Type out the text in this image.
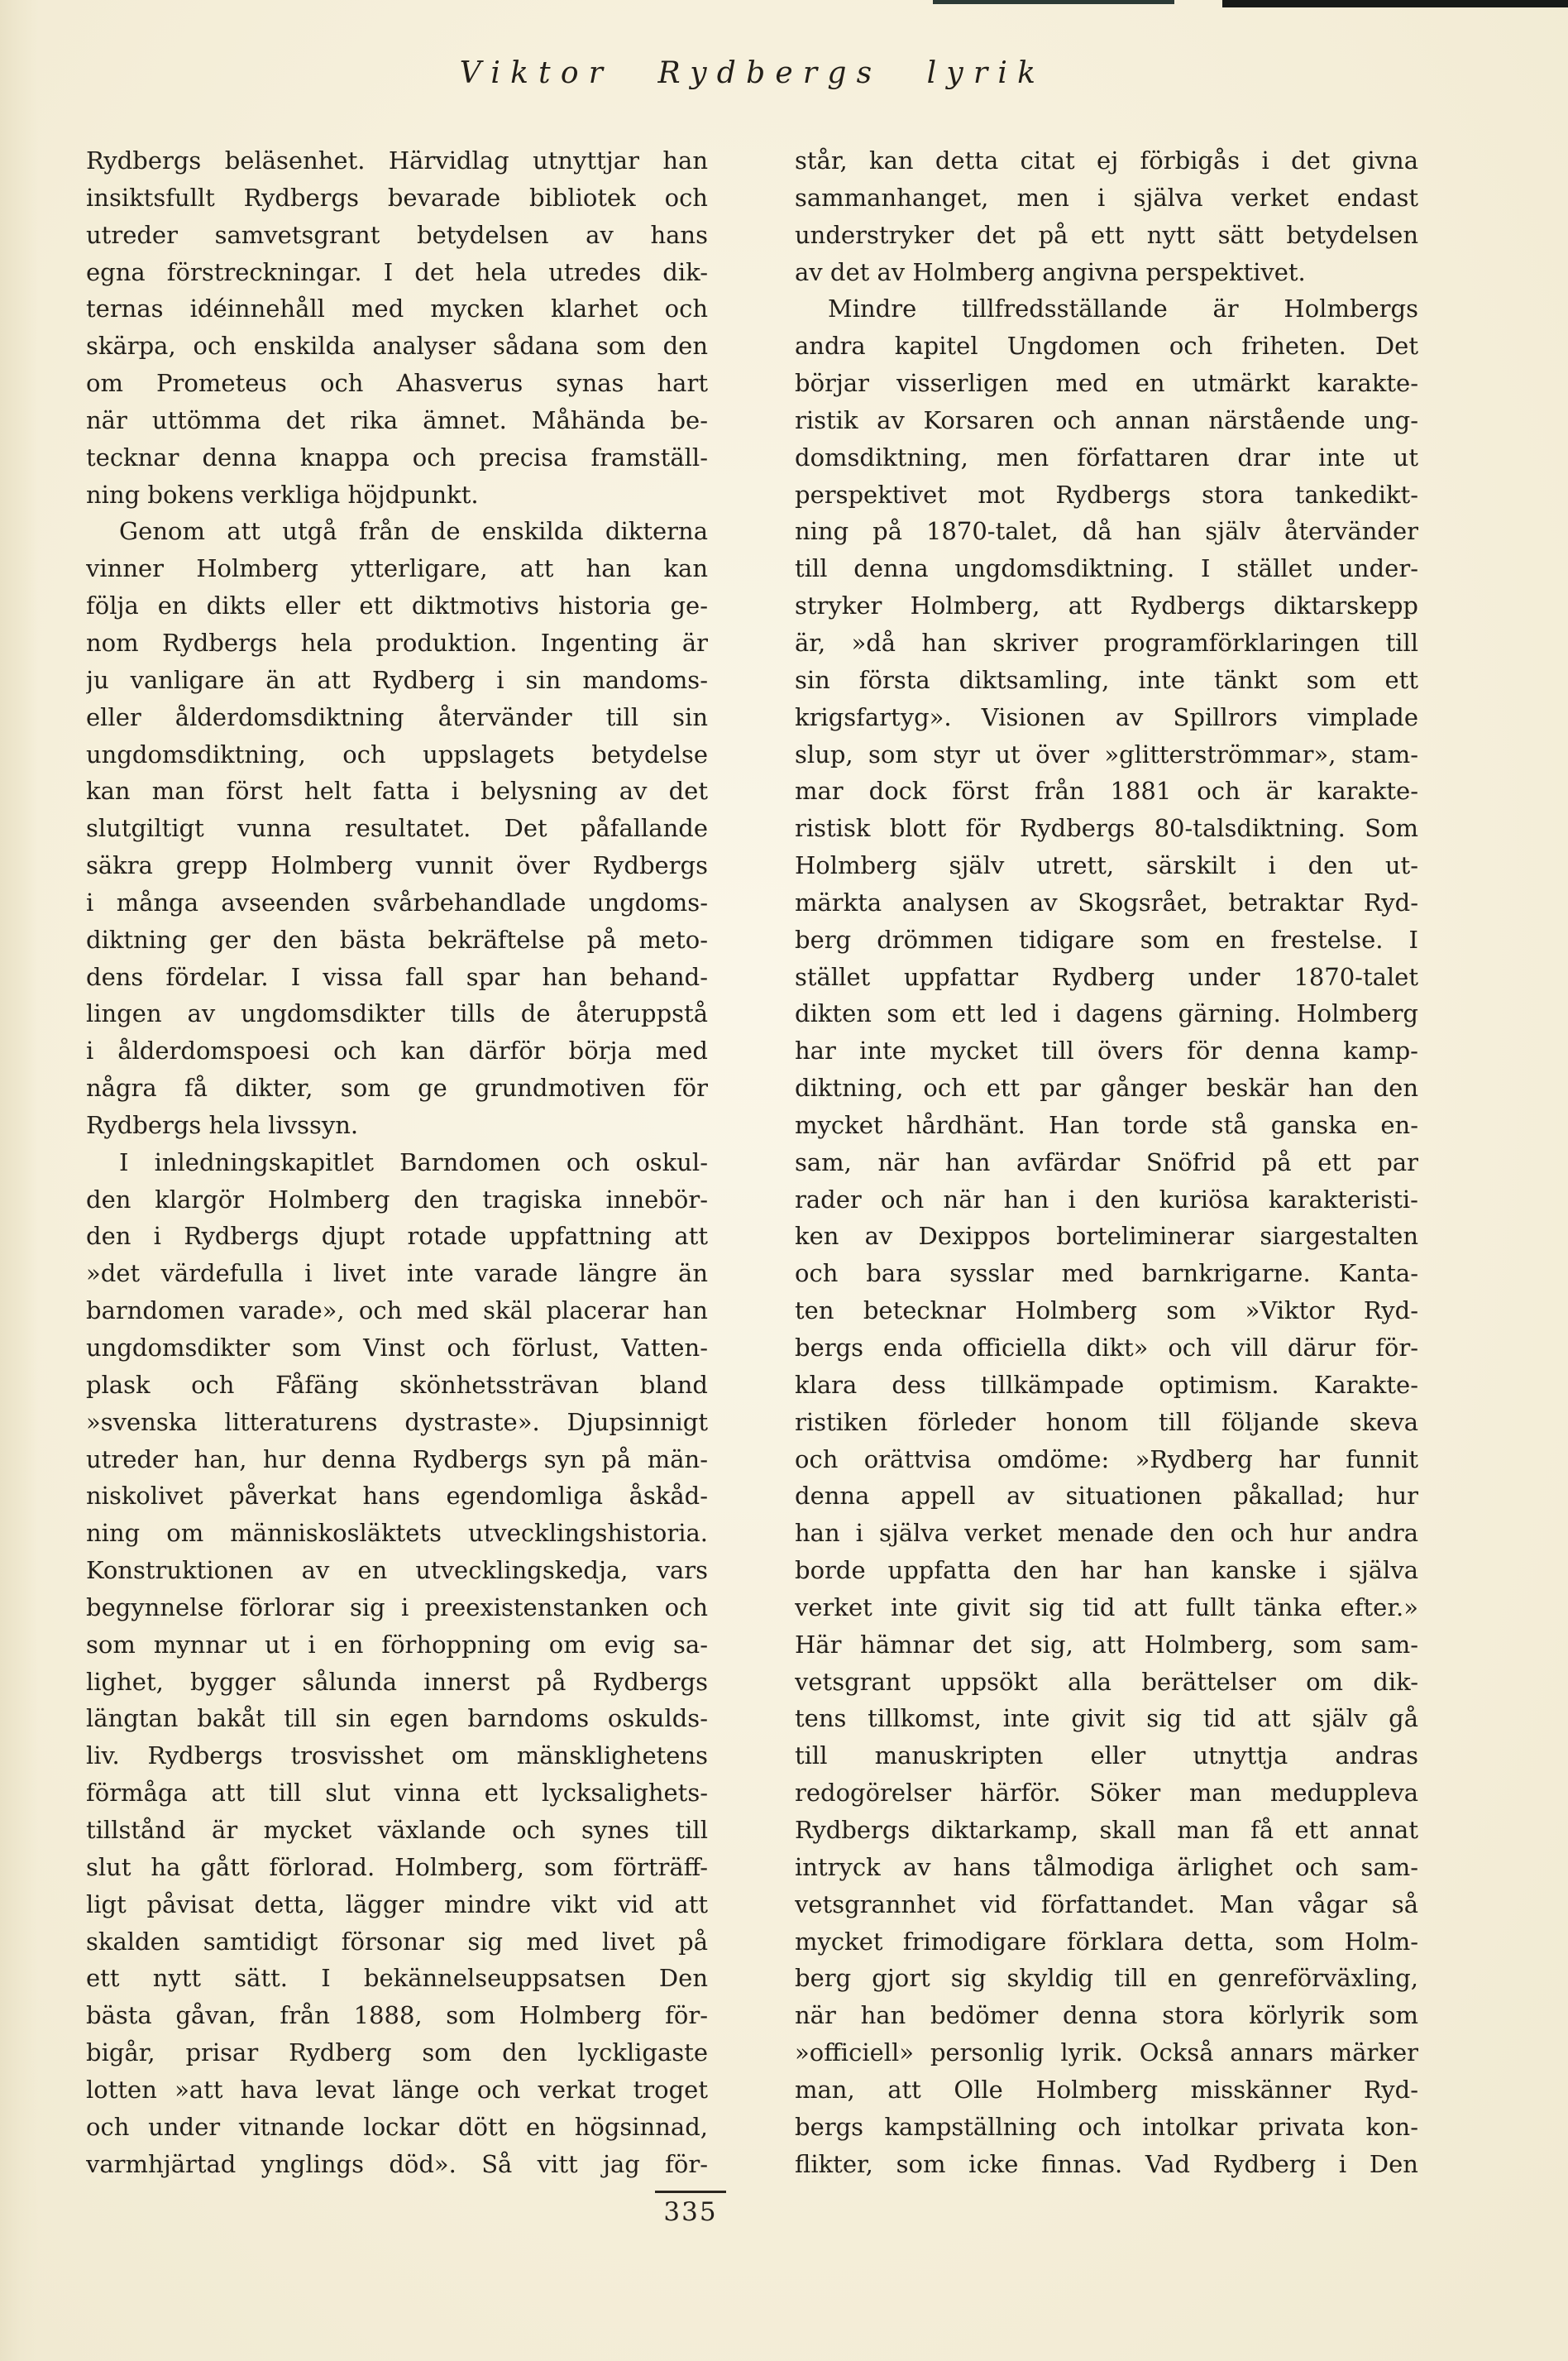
Viktor Rydbergs lyrik
Rydbergs beläsenhet. Härvidlag utnyttjar han
insiktsfullt Rydbergs bevarade bibliotek och
utreder samvetsgrant betydelsen av hans
egna förstreckningar. I det hela utredes dik-
ternas idéinnehåll med mycken klarhet och
skärpa, och enskilda analyser sådana som den
om Prometeus och Ahasverus synas hart
när uttömma det rika ämnet. Måhända be-
tecknar denna knappa och precisa framställ-
ning bokens verkliga höjdpunkt.
Genom att utgå från de enskilda dikterna
vinner Holmberg ytterligare, att han kan
följa en dikts eller ett diktmotivs historia ge-
nom Rydbergs hela produktion. Ingenting är
ju vanligare än att Rydberg i sin mandoms-
eller ålderdomsdiktning återvänder till sin
ungdomsdiktning, och uppslagets betydelse
kan man först helt fatta i belysning av det
slutgiltigt vunna resultatet. Det påfallande
säkra grepp Holmberg vunnit över Rydbergs
i många avseenden svårbehandlade ungdoms-
diktning ger den bästa bekräftelse på meto-
dens fördelar. I vissa fall spar han behand-
lingen av ungdomsdikter tills de återuppstå
i ålderdomspoesi och kan därför börja med
några få dikter, som ge grundmotiven för
Rydbergs hela livssyn.
I inledningskapitlet Barndomen och oskul-
den klargör Holmberg den tragiska innebör-
den i Rydbergs djupt rotade uppfattning att
»det värdefulla i livet inte varade längre än
barndomen varade», och med skäl placerar han
ungdomsdikter som Vinst och förlust, Vatten-
plask och Fåfäng skönhetssträvan bland
»svenska litteraturens dystraste». Djupsinnigt
utreder han, hur denna Rydbergs syn på män-
niskolivet påverkat hans egendomliga åskåd-
ning om människosläktets utvecklingshistoria.
Konstruktionen av en utvecklingskedja, vars
begynnelse förlorar sig i preexistenstanken och
som mynnar ut i en förhoppning om evig sa-
lighet, bygger sålunda innerst på Rydbergs
längtan bakåt till sin egen barndoms oskulds-
liv. Rydbergs trosvisshet om mänsklighetens
förmåga att till slut vinna ett lycksalighets-
tillstånd är mycket växlande och synes till
slut ha gått förlorad. Holmberg, som förträff-
ligt påvisat detta, lägger mindre vikt vid att
skalden samtidigt försonar sig med livet på
ett nytt sätt. I bekännelseuppsatsen Den
bästa gåvan, från 1888, som Holmberg för-
bigår, prisar Rydberg som den lyckligaste
lotten »att hava levat länge och verkat troget
och under vitnande lockar dött en högsinnad,
varmhjärtad ynglings död». Så vitt jag för-
står, kan detta citat ej förbigås i det givna
sammanhanget, men i själva verket endast
understryker det på ett nytt sätt betydelsen
av det av Holmberg angivna perspektivet.
Mindre tillfredsställande är Holmbergs
andra kapitel Ungdomen och friheten. Det
börjar visserligen med en utmärkt karakte-
ristik av Korsaren och annan närstående ung-
domsdiktning, men författaren drar inte ut
perspektivet mot Rydbergs stora tankedikt-
ning på 1870-talet, då han själv återvänder
till denna ungdomsdiktning. I stället under-
stryker Holmberg, att Rydbergs diktarskepp
är, »då han skriver programförklaringen till
sin första diktsamling, inte tänkt som ett
krigsfartyg». Visionen av Spillrors vimplade
slup, som styr ut över »glitterströmmar», stam-
mar dock först från 1881 och är karakte-
ristisk blott för Rydbergs 80-talsdiktning. Som
Holmberg själv utrett, särskilt i den ut-
märkta analysen av Skogsrået, betraktar Ryd-
berg drömmen tidigare som en frestelse. I
stället uppfattar Rydberg under 1870-talet
dikten som ett led i dagens gärning. Holmberg
har inte mycket till övers för denna kamp-
diktning, och ett par gånger beskär han den
mycket hårdhänt. Han torde stå ganska en-
sam, när han avfärdar Snöfrid på ett par
rader och när han i den kuriösa karakteristi-
ken av Dexippos borteliminerar siargestalten
och bara sysslar med barnkrigarne. Kanta-
ten betecknar Holmberg som »Viktor Ryd-
bergs enda officiella dikt» och vill därur för-
klara dess tillkämpade optimism. Karakte-
ristiken förleder honom till följande skeva
och orättvisa omdöme: »Rydberg har funnit
denna appell av situationen påkallad; hur
han i själva verket menade den och hur andra
borde uppfatta den har han kanske i själva
verket inte givit sig tid att fullt tänka efter.»
Här hämnar det sig, att Holmberg, som sam-
vetsgrant uppsökt alla berättelser om dik-
tens tillkomst, inte givit sig tid att själv gå
till manuskripten eller utnyttja andras
redogörelser härför. Söker man meduppleva
Rydbergs diktarkamp, skall man få ett annat
intryck av hans tålmodiga ärlighet och sam-
vetsgrannhet vid författandet. Man vågar så
mycket frimodigare förklara detta, som Holm-
berg gjort sig skyldig till en genreförväxling,
när han bedömer denna stora körlyrik som
»officiell» personlig lyrik. Också annars märker
man, att Olle Holmberg misskänner Ryd-
bergs kampställning och intolkar privata kon-
flikter, som icke finnas. Vad Rydberg i Den
335
